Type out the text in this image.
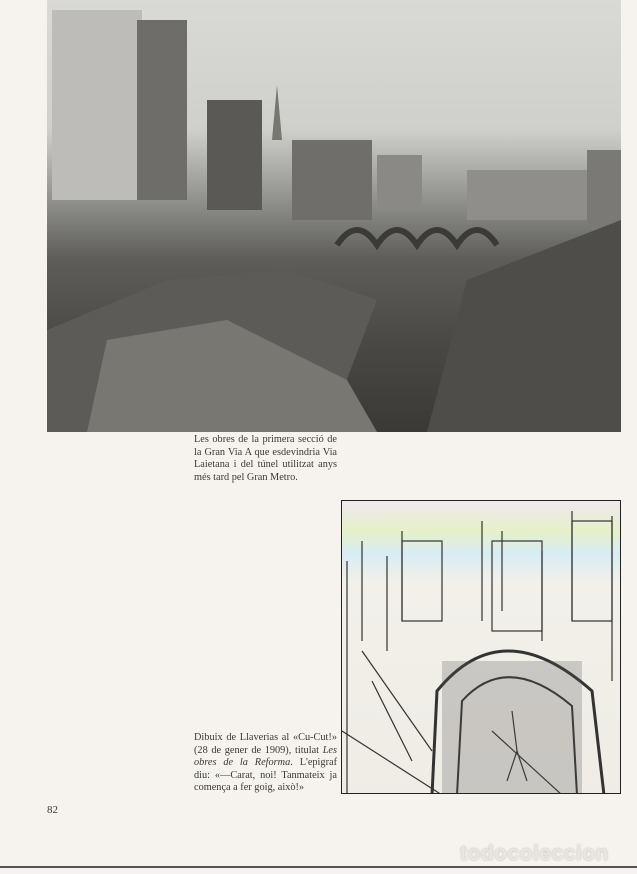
Les obres de la primera secció de la Gran Via A que esdevindria Via Laietana i del túnel utilitzat anys més tard pel Gran Metro.
Dibuix de Llaverias al «Cu-Cut!» (28 de gener de 1909), titulat Les obres de la Reforma. L'epigraf diu: «—Carat, noi! Tanmateix ja comença a fer goig, això!»
82
todocoleccion
